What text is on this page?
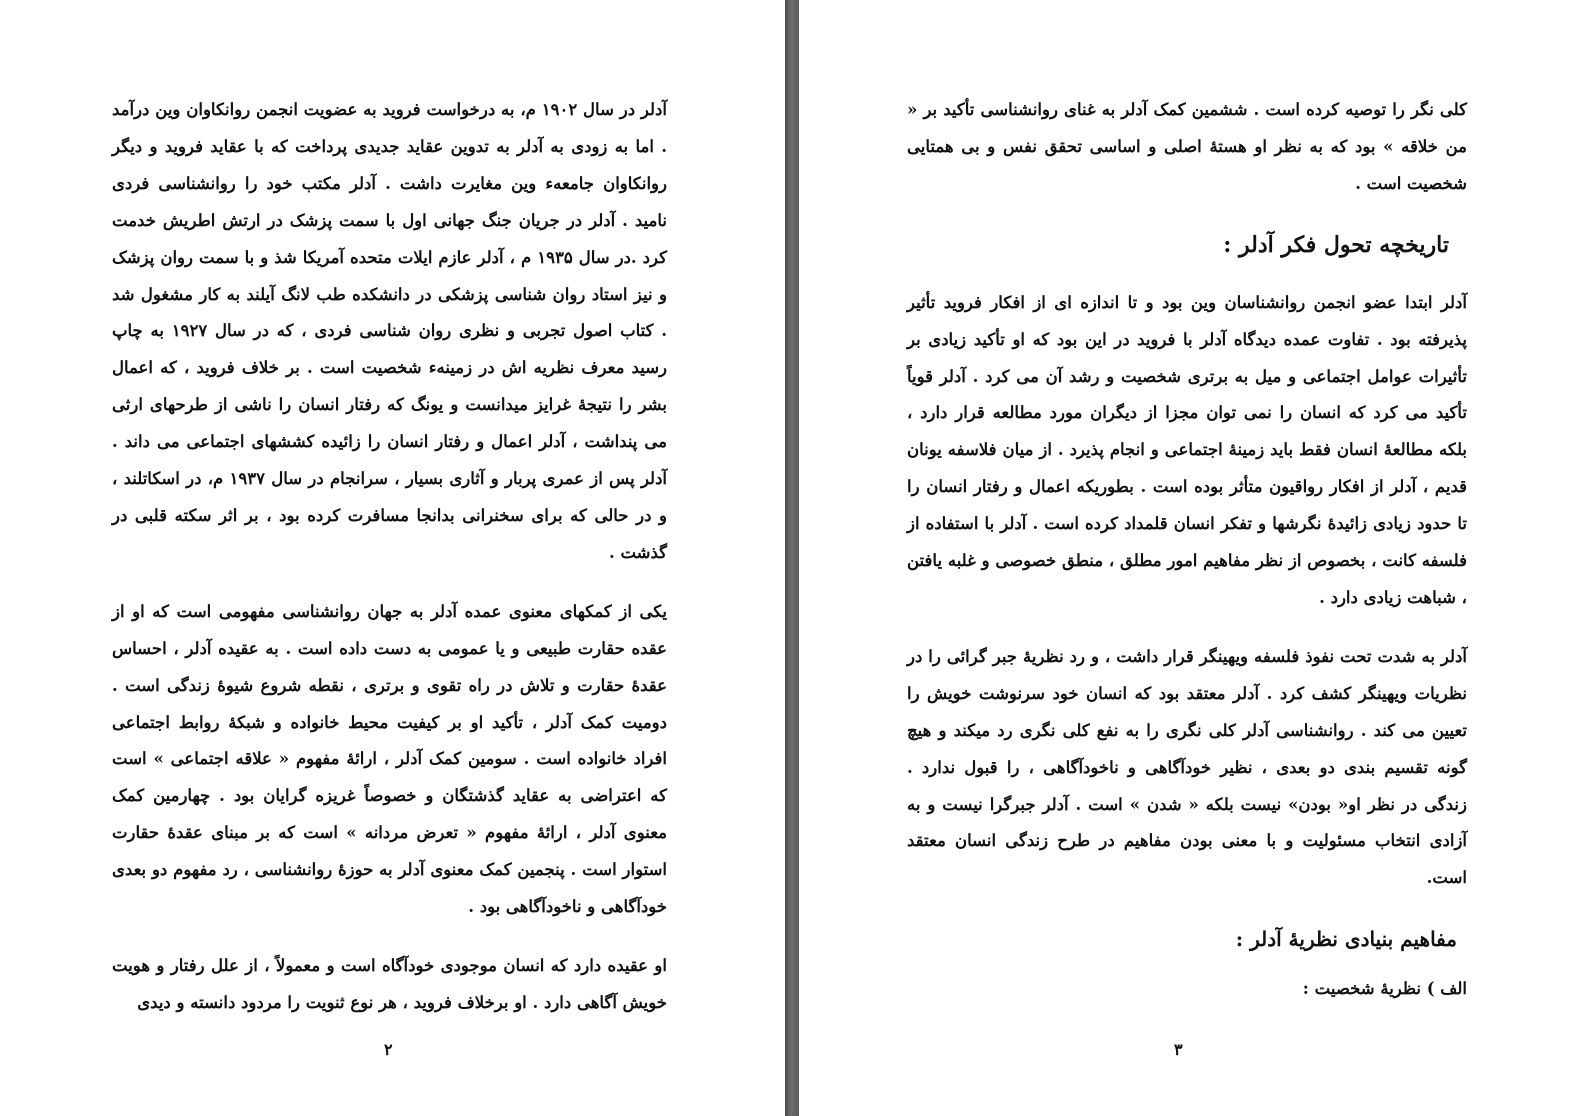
آدلر در سال ۱۹۰۲ م، به درخواست فروید به عضویت انجمن روانکاوان وین درآمد . اما به زودی به آدلر به تدوین عقاید جدیدی پرداخت که با عقاید فروید و دیگر روانکاوان جامعهء وین مغایرت داشت . آدلر مکتب خود را روانشناسی فردی نامید . آدلر در جریان جنگ جهانی اول با سمت پزشک در ارتش اطریش خدمت کرد .در سال ۱۹۳۵ م ، آدلر عازم ایلات متحده آمریکا شذ و با سمت روان پزشک و نیز استاد روان شناسی پزشکی در دانشکده طب لانگ آیلند به کار مشغول شد . کتاب اصول تجربی و نظری روان شناسی فردی ، که در سال ۱۹۲۷ به چاپ رسید معرف نظریه اش در زمینهء شخصیت است . بر خلاف فروید ، که اعمال بشر را نتیجهٔ غرایز میدانست و یونگ که رفتار انسان را ناشی از طرحهای ارثی می پنداشت ، آدلر اعمال و رفتار انسان را زائیده کششهای اجتماعی می داند . آدلر پس از عمری پربار و آثاری بسیار ، سرانجام در سال ۱۹۳۷ م، در اسکاتلند ، و در حالی که برای سخنرانی بدانجا مسافرت کرده بود ، بر اثر سکته قلبی در گذشت .

یکی از کمکهای معنوی عمده آدلر به جهان روانشناسی مفهومی است که او از عقده حقارت طبیعی و یا عمومی به دست داده است . به عقیده آدلر ، احساس عقدهٔ حقارت و تلاش در راه تقوی و برتری ، نقطه شروع شیوهٔ زندگی است . دومیت کمک آدلر ، تأکید او بر کیفیت محیط خانواده و شبکهٔ روابط اجتماعی افراد خانواده است . سومین کمک آدلر ، ارائهٔ مفهوم « علاقه اجتماعی » است که اعتراضی به عقاید گذشتگان و خصوصاً غریزه گرایان بود . چهارمین کمک معنوی آدلر ، ارائهٔ مفهوم « تعرض مردانه » است که بر مبنای عقدهٔ حقارت استوار است . پنجمین کمک معنوی آدلر به حوزهٔ روانشناسی ، رد مفهوم دو بعدی خودآگاهی و ناخودآگاهی بود .

او عقیده دارد که انسان موجودی خودآگاه است و معمولاً ، از علل رفتار و هویت خویش آگاهی دارد . او برخلاف فروید ، هر نوع ثنویت را مردود دانسته و دیدی

۲

کلی نگر را توصیه کرده است . ششمین کمک آدلر به غنای روانشناسی تأکید بر « من خلاقه » بود که به نظر او هستهٔ اصلی و اساسی تحقق نفس و بی همتایی شخصیت است .

تاریخچه تحول فکر آدلر :

آدلر ابتدا عضو انجمن روانشناسان وین بود و تا اندازه ای از افکار فروید تأثیر پذیرفته بود . تفاوت عمده دیدگاه آدلر با فروید در این بود که او تأکید زیادی بر تأثیرات عوامل اجتماعی و میل به برتری شخصیت و رشد آن می کرد . آدلر قویاً تأکید می کرد که انسان را نمی توان مجزا از دیگران مورد مطالعه قرار دارد ، بلکه مطالعهٔ انسان فقط باید زمینهٔ اجتماعی و انجام پذیرد . از میان فلاسفه یونان قدیم ، آدلر از افکار رواقیون متأثر بوده است . بطوریکه اعمال و رفتار انسان را تا حدود زیادی زائیدهٔ نگرشها و تفکر انسان قلمداد کرده است . آدلر با استفاده از فلسفه کانت ، بخصوص از نظر مفاهیم امور مطلق ، منطق خصوصی و غلبه یافتن ، شباهت زیادی دارد .

آدلر به شدت تحت نفوذ فلسفه ویهینگر قرار داشت ، و رد نظریهٔ جبر گرائی را در نظریات ویهینگر کشف کرد . آدلر معتقد بود که انسان خود سرنوشت خویش را تعیین می کند . روانشناسی آدلر کلی نگری را به نفع کلی نگری رد میکند و هیچ گونه تقسیم بندی دو بعدی ، نظیر خودآگاهی و ناخودآگاهی ، را قبول ندارد . زندگی در نظر او« بودن» نیست بلکه « شدن » است . آدلر جبرگرا نیست و به آزادی انتخاب مسئولیت و با معنی بودن مفاهیم در طرح زندگی انسان معتقد است.

مفاهیم بنیادی نظریهٔ آدلر :
الف ) نظریهٔ شخصیت :
۳
